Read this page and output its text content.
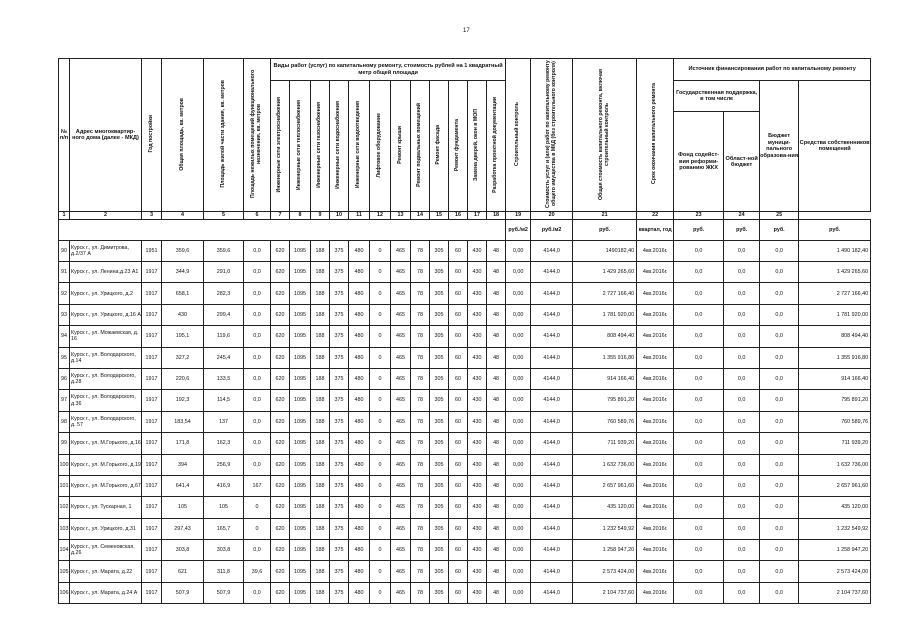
17
№ п/п	Адрес многоквартир-ного дома (далее - МКД)	Год постройки	Общая площадь, кв. метров	Площадь жилой части здания, кв. метров	Площадь нежилых помещений функционального назначения, кв. метров	Виды работ (услуг) по капитальному ремонту, стоимость рублей на 1 квадратный метр общей площади												Строительный контроль	Стоимость услуг и (или) работ по капитальному ремонту общего имущества в МКД (без строительного контроля)	Общая стоимость капитального ремонта, включая строительный контроль	Срок окончания капитального ремонта	Источник финансирования работ по капитальному ремонту			
						Инженерные сети электроснабжения	Инженерные сети теплоснабжения	Инженерные сети газоснабжения	Инженерные сети водоснабжения	Инженерные сети водоотведения	Лифтовое оборудование	Ремонт крыши	Ремонт подвальных помещений	Ремонт фасада	Ремонт фундамента	Замена дверей, окон в МОП	Разработка проектной документации					Государственная поддержка, в том числе		Бюджет муници-пального образова-ния	Средства собственников помещений
																						Фонд содейст-вия реформи-рованию ЖКХ	Област-ной бюджет		
1	2	3	4	5	6	7	8	9	10	11	12	13	14	15	16	17	18	19	20	21	22	23	24	25	
																		руб./м2	руб./м2	руб.	квартал, год	руб.	руб.	руб.	руб.
90	Курск г., ул. Димитрова, д.2/37 А	1951	359,6	359,6	0,0	620	1095	188	375	480	0	465	78	305	60	430	48	0,00	4144,0	1490182,40	4кв.2016г.	0,0	0,0	0,0	1 490 182,40
91	Курск г., ул. Ленина,д.23 А1	1917	344,9	291,0	0,0	620	1095	188	375	480	0	465	78	305	60	430	48	0,00	4144,0	1 429 265,60	4кв.2016г.	0,0	0,0	0,0	1 429 265,60
92	Курск г., ул. Урицкого, д.2	1917	658,1	282,3	0,0	620	1095	188	375	480	0	465	78	305	60	430	48	0,00	4144,0	2 727 166,40	4кв.2016г.	0,0	0,0	0,0	2 727 166,40
93	Курск г., ул. Урицкого, д.16 А	1917	430	299,4	0,0	620	1095	188	375	480	0	465	78	305	60	430	48	0,00	4144,0	1 781 920,00	4кв.2016г.	0,0	0,0	0,0	1 781 920,00
94	Курск г., ул. Можаевская, д. 16	1917	195,1	119,6	0,0	620	1095	188	375	480	0	465	78	305	60	430	48	0,00	4144,0	808 494,40	4кв.2016г.	0,0	0,0	0,0	808 494,40
95	Курск г., ул. Володарского, д.14	1917	327,2	245,4	0,0	620	1095	188	375	480	0	465	78	305	60	430	48	0,00	4144,0	1 355 916,80	4кв.2016г.	0,0	0,0	0,0	1 355 916,80
96	Курск г., ул. Володарского, д.28	1917	220,6	133,5	0,0	620	1095	188	375	480	0	465	78	305	60	430	48	0,00	4144,0	914 166,40	4кв.2016г.	0,0	0,0	0,0	914 166,40
97	Курск г., ул. Володарского, д.36	1917	192,3	114,5	0,0	620	1095	188	375	480	0	465	78	305	60	430	48	0,00	4144,0	795 891,20	4кв.2016г.	0,0	0,0	0,0	795 891,20
98	Курск г., ул. Володарского, д. 57	1917	183,54	137	0,0	620	1095	188	375	480	0	465	78	305	60	430	48	0,00	4144,0	760 589,76	4кв.2016г.	0,0	0,0	0,0	760 589,76
99	Курск г., ул. М.Горького, д.16	1917	171,8	162,3	0,0	620	1095	188	375	480	0	465	78	305	60	430	48	0,00	4144,0	711 939,20	4кв.2016г.	0,0	0,0	0,0	711 939,20
100	Курск г., ул. М.Горького, д.19	1917	394	256,9	0,0	620	1095	188	375	480	0	465	78	305	60	430	48	0,00	4144,0	1 632 736,00	4кв.2016г.	0,0	0,0	0,0	1 632 736,00
101	Курск г., ул. М.Горького, д.67	1917	641,4	416,9	167	620	1095	188	375	480	0	465	78	305	60	430	48	0,00	4144,0	2 657 961,60	4кв.2016г.	0,0	0,0	0,0	2 657 961,60
102	Курск г., ул. Тускарная, 1	1917	105	105	0	620	1095	188	375	480	0	465	78	305	60	430	48	0,00	4144,0	435 120,00	4кв.2016г.	0,0	0,0	0,0	435 120,00
103	Курск г., ул. Урицкого, д.31	1917	297,43	165,7	0	620	1095	188	375	480	0	465	78	305	60	430	48	0,00	4144,0	1 232 549,92	4кв.2016г.	0,0	0,0	0,0	1 232 549,92
104	Курск г., ул. Семеновская, д.26	1917	303,8	303,8	0,0	620	1095	188	375	480	0	465	78	305	60	430	48	0,00	4144,0	1 258 947,20	4кв.2016г.	0,0	0,0	0,0	1 258 947,20
105	Курск г., ул. Марата, д.22	1917	621	311,8	39,6	620	1095	188	375	480	0	465	78	305	60	430	48	0,00	4144,0	2 573 424,00	4кв.2016г.	0,0	0,0	0,0	2 573 424,00
106	Курск г., ул. Марата, д.24 А	1917	507,9	507,9	0,0	620	1095	188	375	480	0	465	78	305	60	430	48	0,00	4144,0	2 104 737,60	4кв.2016г.	0,0	0,0	0,0	2 104 737,60
